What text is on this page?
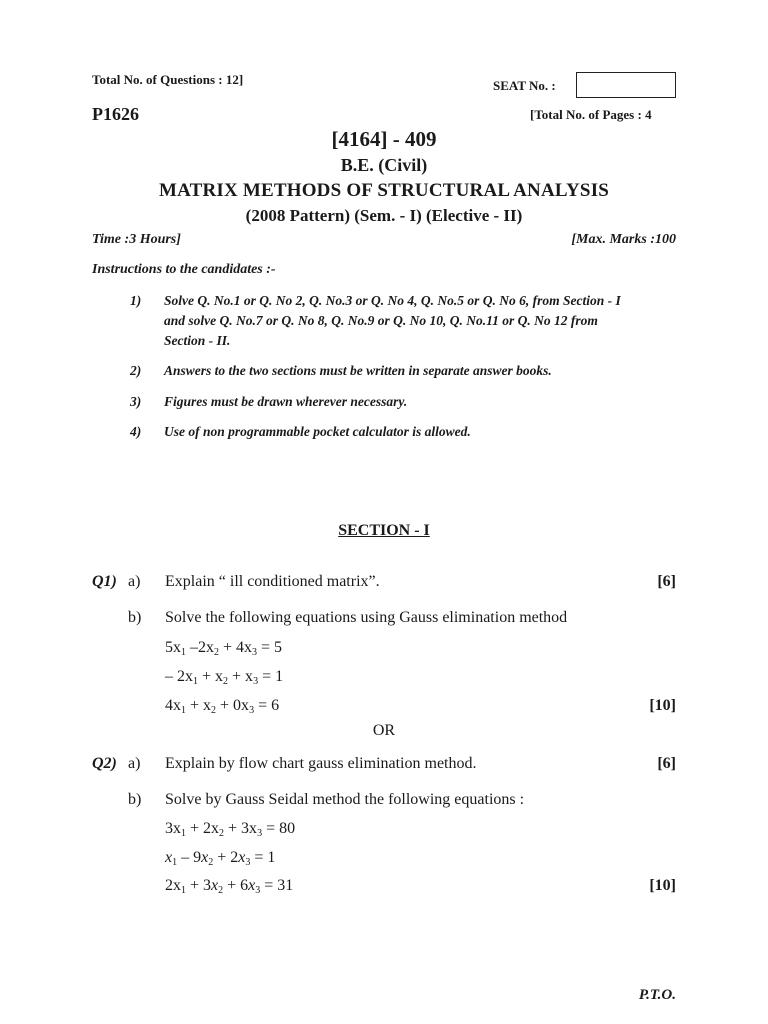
Total No. of Questions : 12]	SEAT No. :
P1626	[Total No. of Pages : 4
[4164] - 409
B.E. (Civil)
MATRIX METHODS OF STRUCTURAL ANALYSIS
(2008 Pattern) (Sem. - I) (Elective - II)
Time :3 Hours]	[Max. Marks :100
Instructions to the candidates :-
1)	Solve Q. No.1 or Q. No 2, Q. No.3 or Q. No 4, Q. No.5 or Q. No 6, from Section - I
and solve Q. No.7 or Q. No 8, Q. No.9 or Q. No 10, Q. No.11 or Q. No 12 from
Section - II.
2)	Answers to the two sections must be written in separate answer books.
3)	Figures must be drawn wherever necessary.
4)	Use of non programmable pocket calculator is allowed.
SECTION - I
Q1) a) Explain “ ill conditioned matrix”.	[6]
b) Solve the following equations using Gauss elimination method
$5x_1$ $-2x_2 + 4x_3 = 5$
– $2x_1 + x_2 + x_3 = 1$
$4x_1 + x_2 + 0x_3 = 6$	[10]
OR
Q2) a) Explain by flow chart gauss elimination method.	[6]
b) Solve by Gauss Seidal method the following equations :
$3x_1 + 2x_2 + 3x_3 = 80$
$x_1 - 9x_2 + 2x_3 = 1$
$2x_1 + 3x_2 + 6x_3 = 31$	[10]
P.T.O.
